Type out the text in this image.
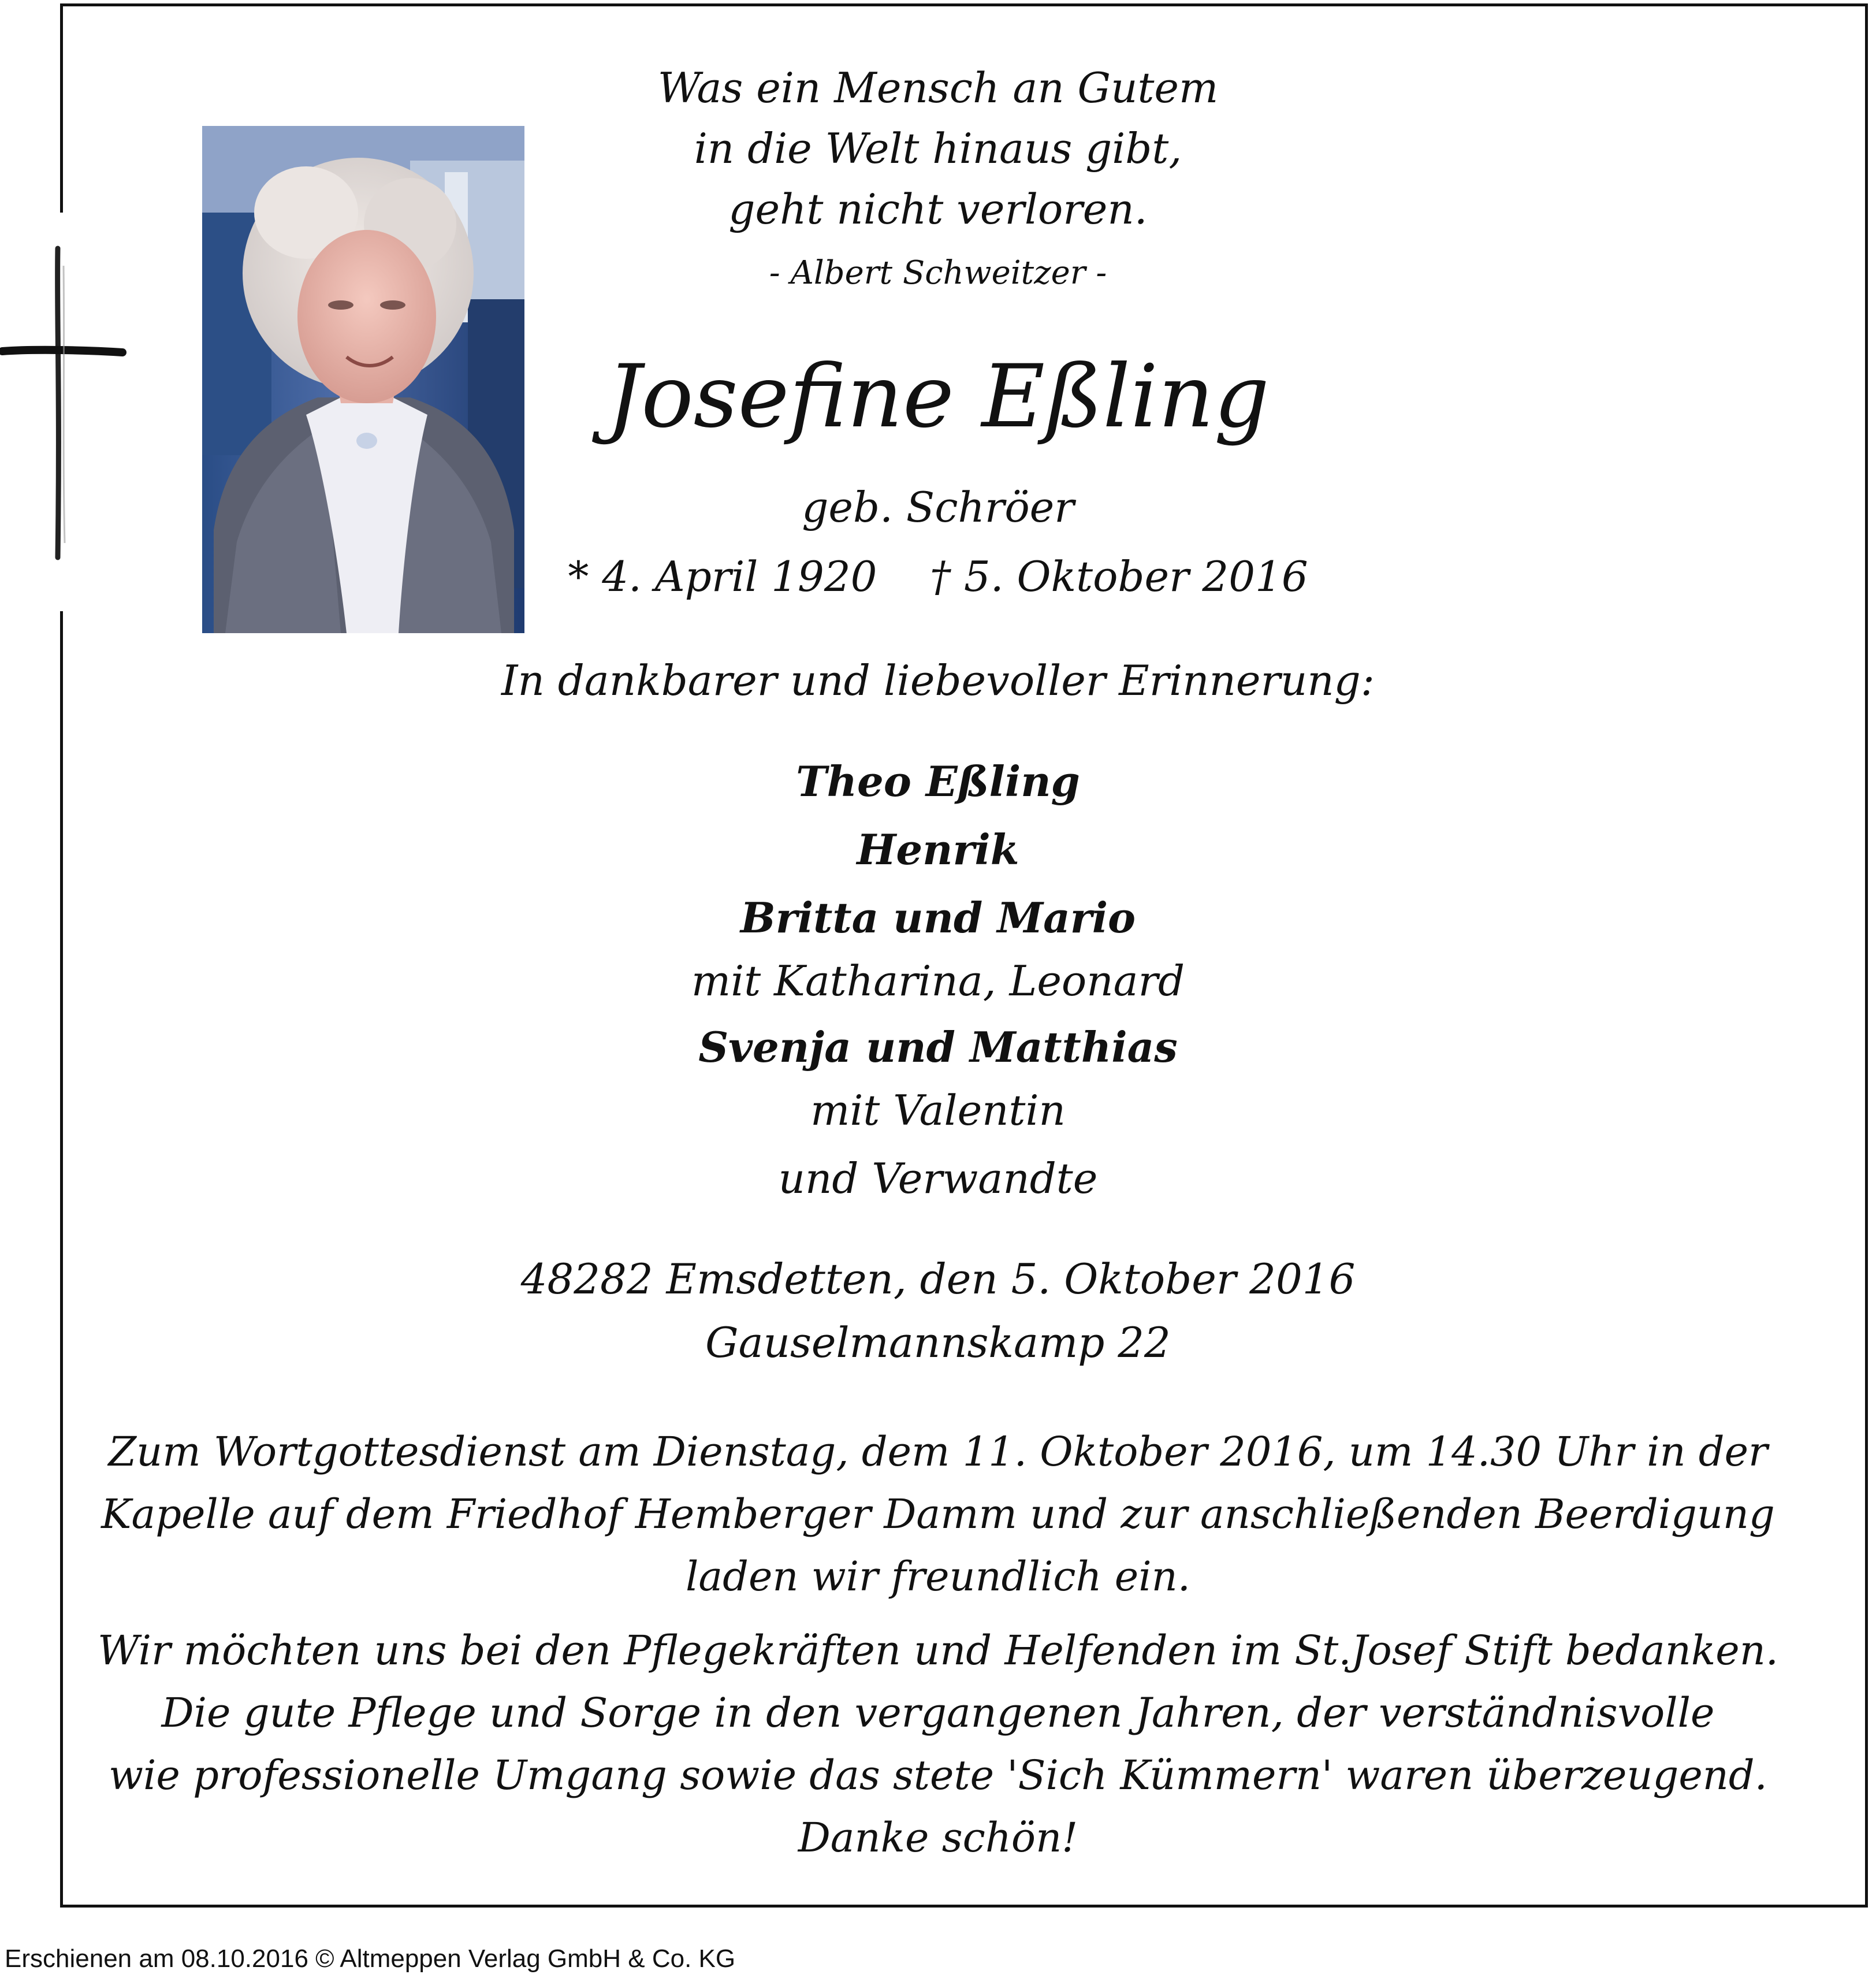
Was ein Mensch an Gutem
in die Welt hinaus gibt,
geht nicht verloren.
- Albert Schweitzer -
Josefine Eßling
geb. Schröer
* 4. April 1920    † 5. Oktober 2016
In dankbarer und liebevoller Erinnerung:
Theo Eßling
Henrik
Britta und Mario
mit Katharina, Leonard
Svenja und Matthias
mit Valentin
und Verwandte
48282 Emsdetten, den 5. Oktober 2016
Gauselmannskamp 22
Zum Wortgottesdienst am Dienstag, dem 11. Oktober 2016, um 14.30 Uhr in der
Kapelle auf dem Friedhof Hemberger Damm und zur anschließenden Beerdigung
laden wir freundlich ein.
Wir möchten uns bei den Pflegekräften und Helfenden im St.Josef Stift bedanken.
Die gute Pflege und Sorge in den vergangenen Jahren, der verständnisvolle
wie professionelle Umgang sowie das stete 'Sich Kümmern' waren überzeugend.
Danke schön!
Erschienen am 08.10.2016 © Altmeppen Verlag GmbH & Co. KG
